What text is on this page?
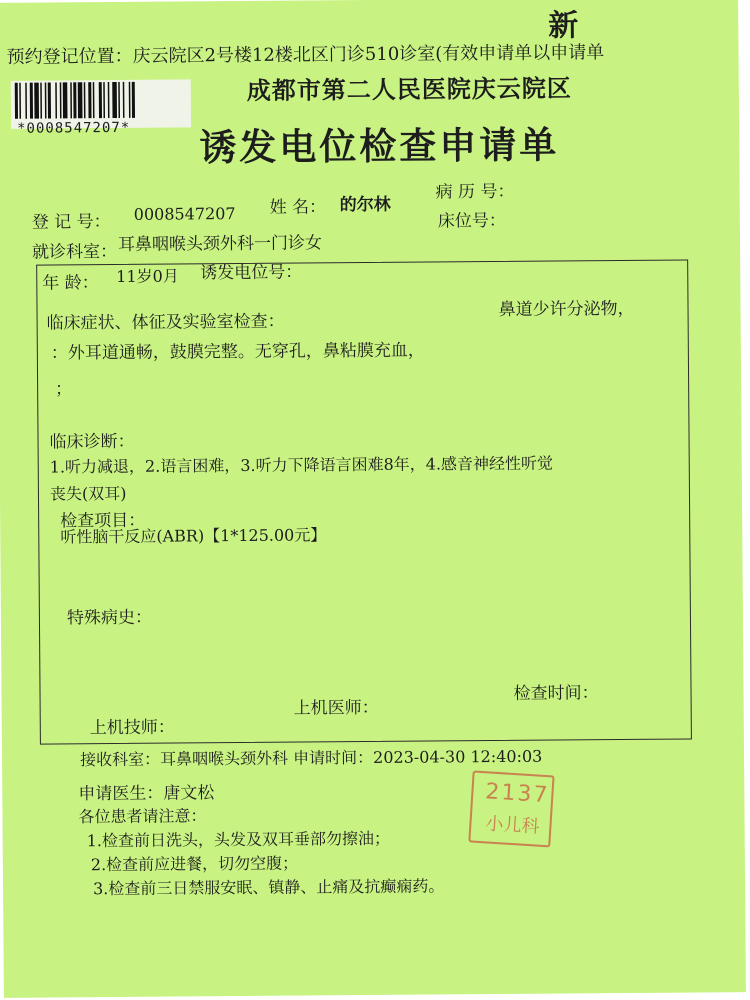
预约登记位置：庆云院区2号楼12楼北区门诊510诊室(有效申请单以申请单
新
*0008547207*
成都市第二人民医院庆云院区
诱发电位检查申请单
登 记 号： 0008547207 姓 名： 的尔林
病 历 号：
就诊科室： 耳鼻咽喉头颈外科一门诊女
床位号：
年 龄： 11岁0月 诱发电位号：
临床症状、体征及实验室检查：
鼻道少许分泌物，
：外耳道通畅，鼓膜完整。无穿孔，鼻粘膜充血，
；
临床诊断：
1.听力减退，2.语言困难，3.听力下降语言困难8年，4.感音神经性听觉
丧失(双耳)
检查项目：
听性脑干反应(ABR)【1*125.00元】
特殊病史：
检查时间：
上机医师：
上机技师：
接收科室：耳鼻咽喉头颈外科 申请时间：2023-04-30 12:40:03
申请医生：唐文松
各位患者请注意：
1.检查前日洗头，头发及双耳垂部勿擦油；
2.检查前应进餐，切勿空腹；
3.检查前三日禁服安眠、镇静、止痛及抗癫痫药。
2137
小儿科
